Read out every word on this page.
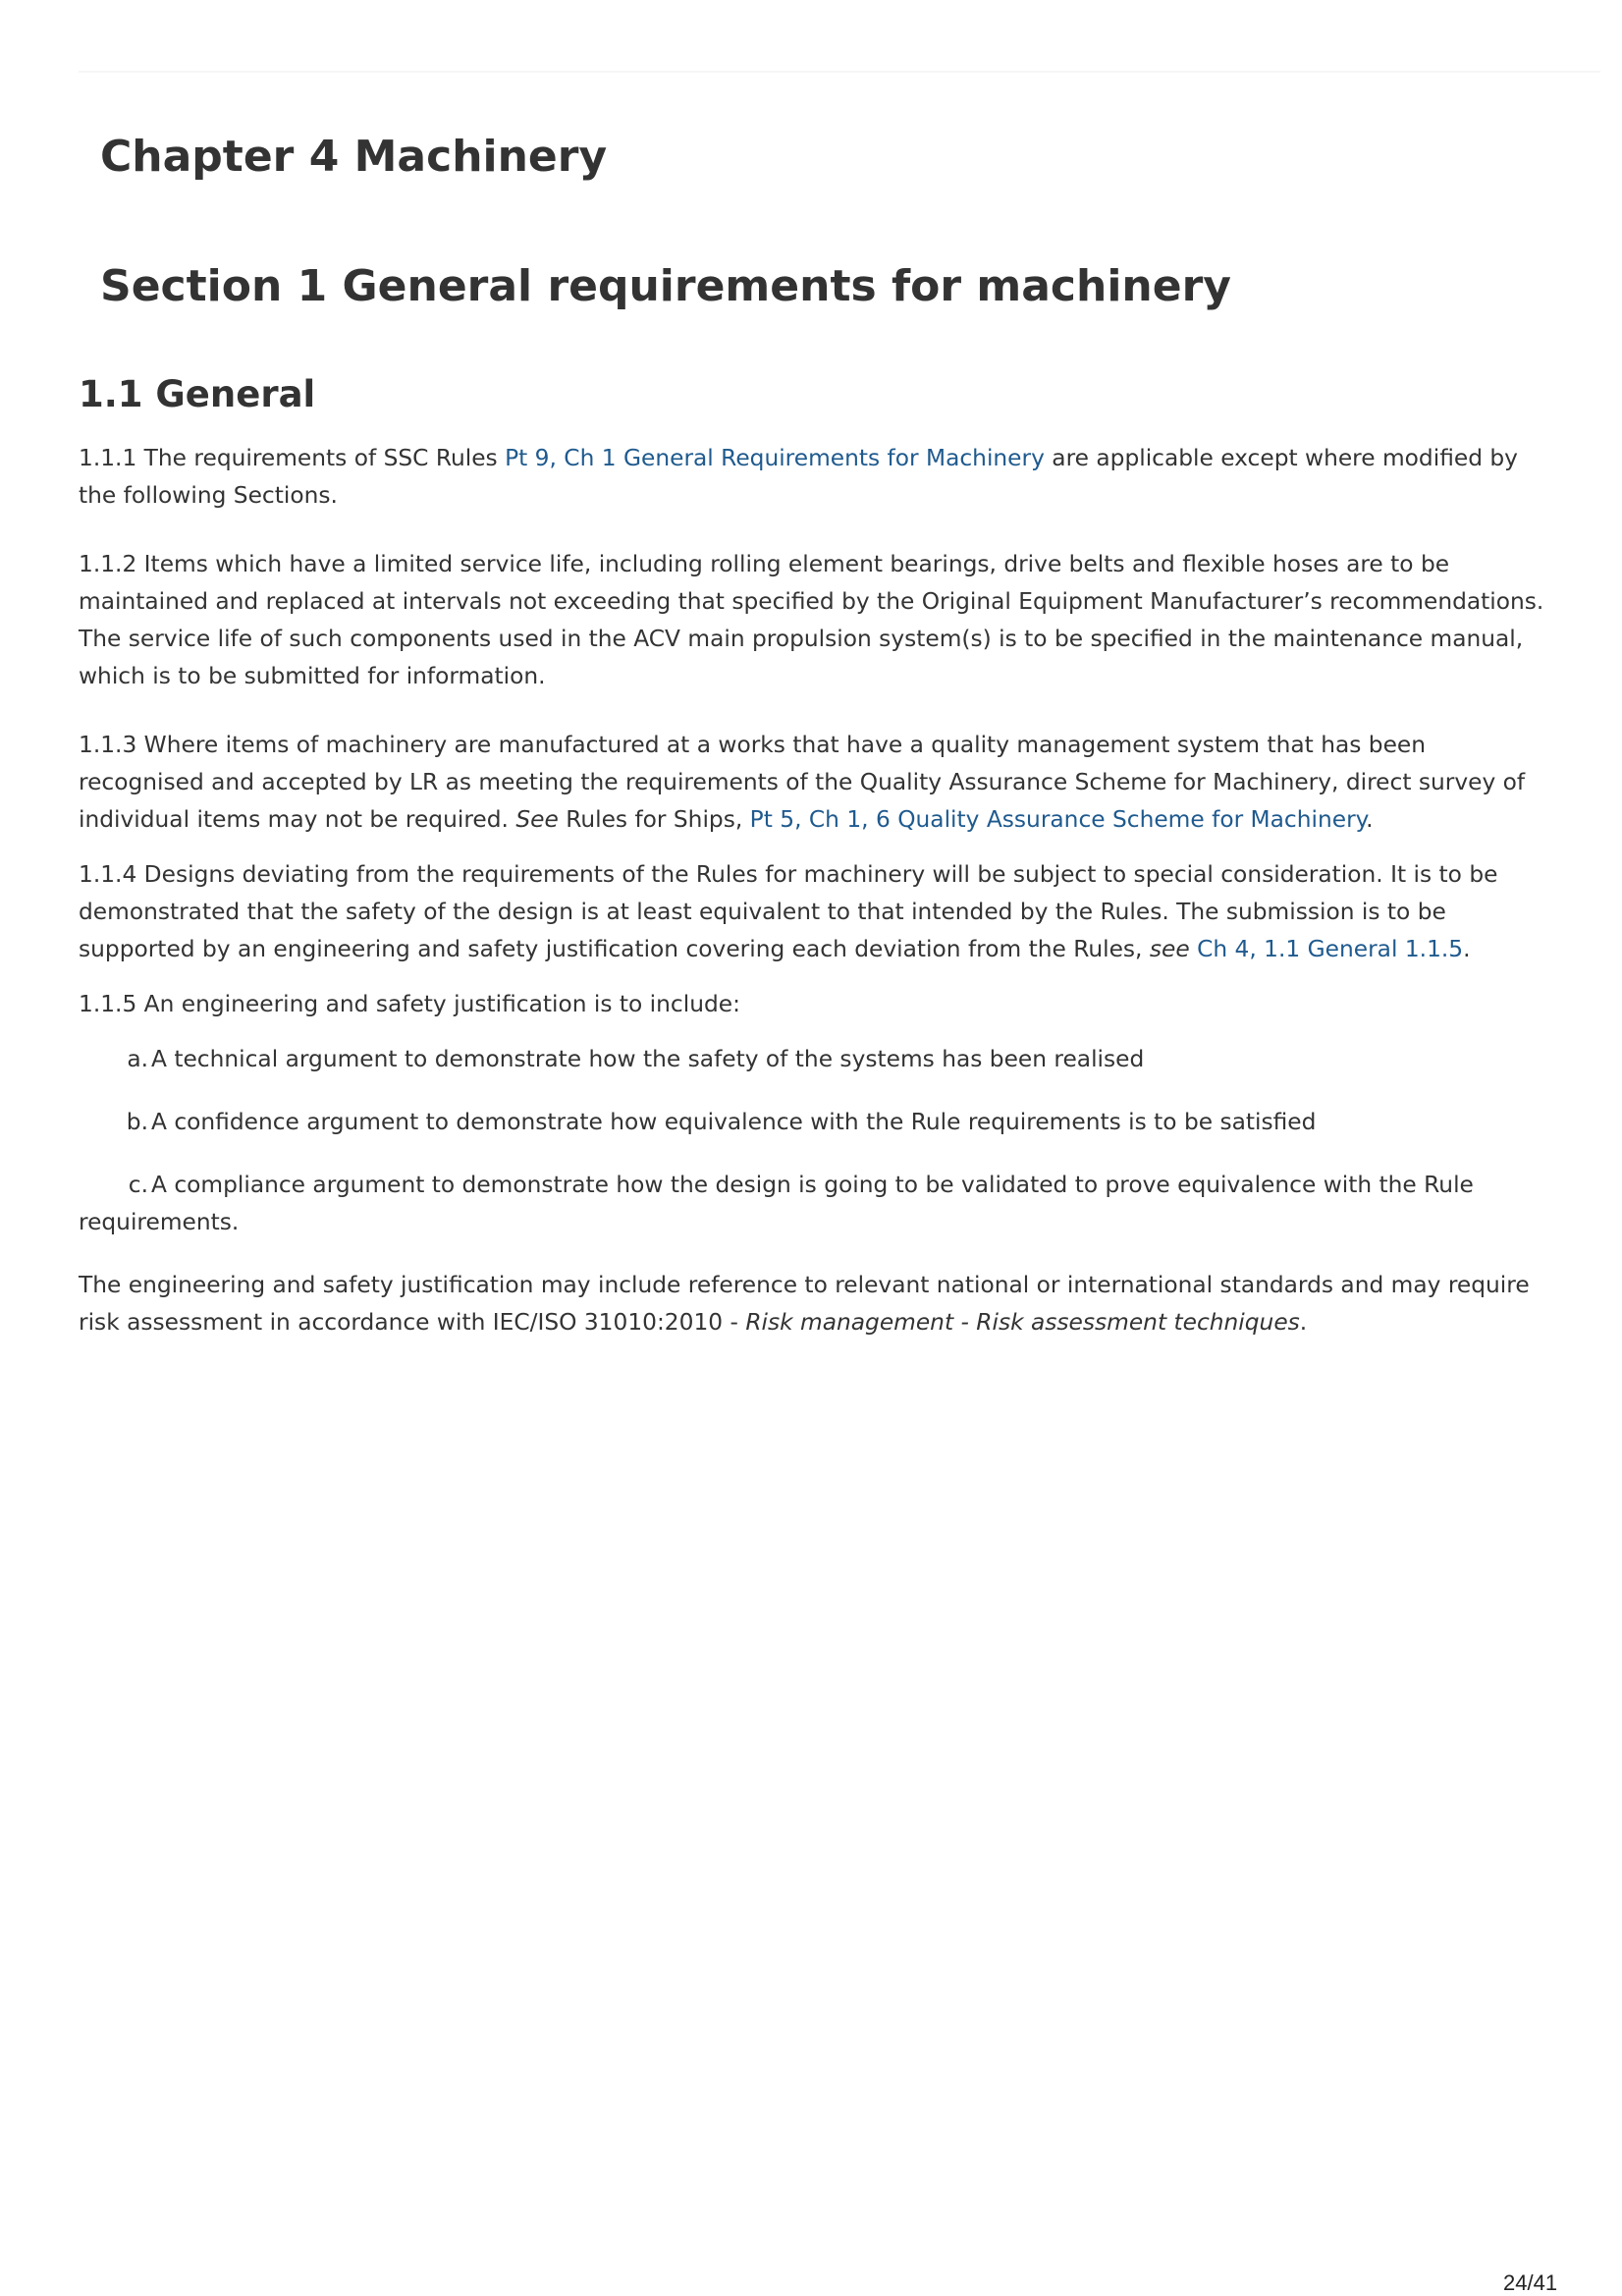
Chapter 4 Machinery
Section 1 General requirements for machinery
1.1 General

1.1.1 The requirements of SSC Rules Pt 9, Ch 1 General Requirements for Machinery are applicable except where modified by the following Sections.

1.1.2 Items which have a limited service life, including rolling element bearings, drive belts and flexible hoses are to be maintained and replaced at intervals not exceeding that specified by the Original Equipment Manufacturer’s recommendations. The service life of such components used in the ACV main propulsion system(s) is to be specified in the maintenance manual, which is to be submitted for information.

1.1.3 Where items of machinery are manufactured at a works that have a quality management system that has been recognised and accepted by LR as meeting the requirements of the Quality Assurance Scheme for Machinery, direct survey of individual items may not be required. See Rules for Ships, Pt 5, Ch 1, 6 Quality Assurance Scheme for Machinery.

1.1.4 Designs deviating from the requirements of the Rules for machinery will be subject to special consideration. It is to be demonstrated that the safety of the design is at least equivalent to that intended by the Rules. The submission is to be supported by an engineering and safety justification covering each deviation from the Rules, see Ch 4, 1.1 General 1.1.5.

1.1.5 An engineering and safety justification is to include:

a. A technical argument to demonstrate how the safety of the systems has been realised
b. A confidence argument to demonstrate how equivalence with the Rule requirements is to be satisfied
c. A compliance argument to demonstrate how the design is going to be validated to prove equivalence with the Rule requirements.

The engineering and safety justification may include reference to relevant national or international standards and may require risk assessment in accordance with IEC/ISO 31010:2010 - Risk management - Risk assessment techniques.

24/41
